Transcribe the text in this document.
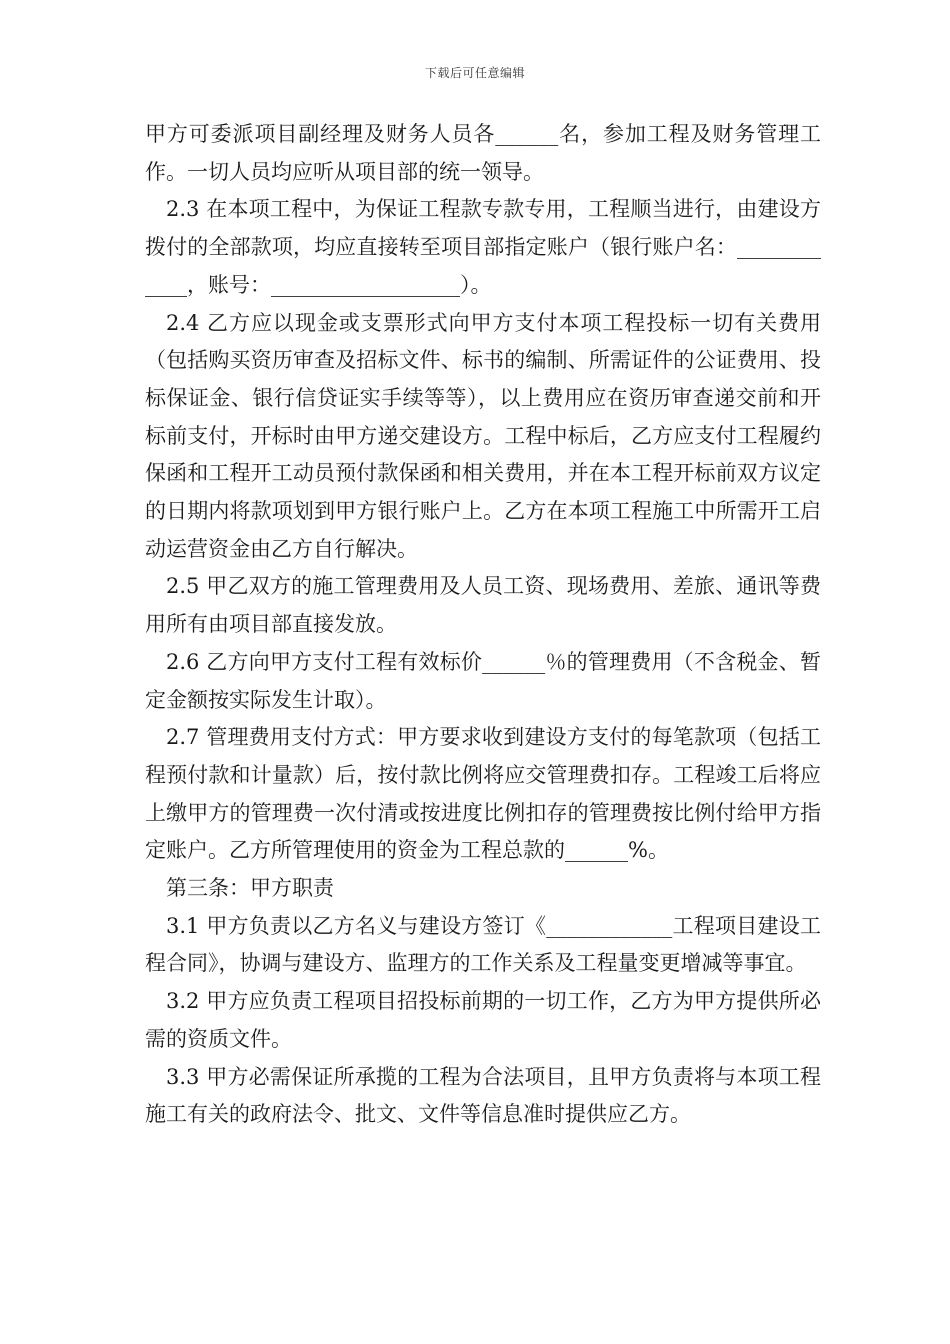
下载后可任意编辑

甲方可委派项目副经理及财务人员各______名，参加工程及财务管理工作。一切人员均应听从项目部的统一领导。

2.3 在本项工程中，为保证工程款专款专用，工程顺当进行，由建设方拨付的全部款项，均应直接转至项目部指定账户（银行账户名：____________，账号：__________________）。

2.4 乙方应以现金或支票形式向甲方支付本项工程投标一切有关费用（包括购买资历审查及招标文件、标书的编制、所需证件的公证费用、投标保证金、银行信贷证实手续等等），以上费用应在资历审查递交前和开标前支付，开标时由甲方递交建设方。工程中标后，乙方应支付工程履约保函和工程开工动员预付款保函和相关费用，并在本工程开标前双方议定的日期内将款项划到甲方银行账户上。乙方在本项工程施工中所需开工启动运营资金由乙方自行解决。

2.5 甲乙双方的施工管理费用及人员工资、现场费用、差旅、通讯等费用所有由项目部直接发放。

2.6 乙方向甲方支付工程有效标价______％的管理费用（不含税金、暂定金额按实际发生计取）。

2.7 管理费用支付方式：甲方要求收到建设方支付的每笔款项（包括工程预付款和计量款）后，按付款比例将应交管理费扣存。工程竣工后将应上缴甲方的管理费一次付清或按进度比例扣存的管理费按比例付给甲方指定账户。乙方所管理使用的资金为工程总款的______%。

第三条：甲方职责

3.1 甲方负责以乙方名义与建设方签订《____________工程项目建设工程合同》，协调与建设方、监理方的工作关系及工程量变更增减等事宜。

3.2 甲方应负责工程项目招投标前期的一切工作，乙方为甲方提供所必需的资质文件。

3.3 甲方必需保证所承揽的工程为合法项目，且甲方负责将与本项工程施工有关的政府法令、批文、文件等信息准时提供应乙方。
